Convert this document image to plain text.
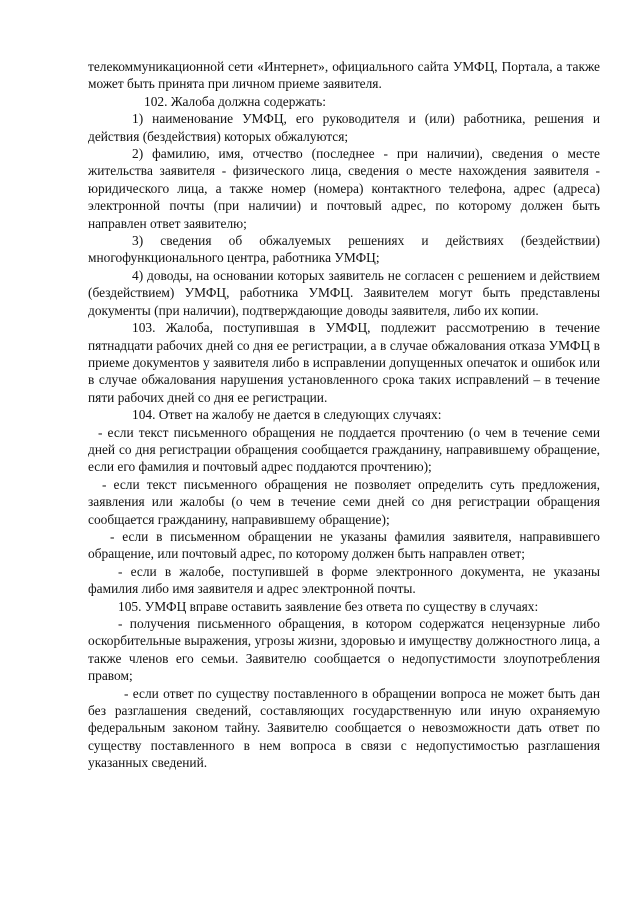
телекоммуникационной сети «Интернет», официального сайта УМФЦ, Портала, а также может быть принята при личном приеме заявителя.

102. Жалоба должна содержать:

1) наименование УМФЦ, его руководителя и (или) работника, решения и действия (бездействия) которых обжалуются;

2) фамилию, имя, отчество (последнее - при наличии), сведения о месте жительства заявителя - физического лица, сведения о месте нахождения заявителя - юридического лица, а также номер (номера) контактного телефона, адрес (адреса) электронной почты (при наличии) и почтовый адрес, по которому должен быть направлен ответ заявителю;

3) сведения об обжалуемых решениях и действиях (бездействии) многофункционального центра, работника УМФЦ;

4) доводы, на основании которых заявитель не согласен с решением и действием (бездействием) УМФЦ, работника УМФЦ. Заявителем могут быть представлены документы (при наличии), подтверждающие доводы заявителя, либо их копии.

103. Жалоба, поступившая в УМФЦ, подлежит рассмотрению в течение пятнадцати рабочих дней со дня ее регистрации, а в случае обжалования отказа УМФЦ в приеме документов у заявителя либо в исправлении допущенных опечаток и ошибок или в случае обжалования нарушения установленного срока таких исправлений – в течение пяти рабочих дней со дня ее регистрации.

104. Ответ на жалобу не дается в следующих случаях:

- если текст письменного обращения не поддается прочтению (о чем в течение семи дней со дня регистрации обращения сообщается гражданину, направившему обращение, если его фамилия и почтовый адрес поддаются прочтению);

- если текст письменного обращения не позволяет определить суть предложения, заявления или жалобы (о чем в течение семи дней со дня регистрации обращения сообщается гражданину, направившему обращение);

- если в письменном обращении не указаны фамилия заявителя, направившего обращение, или почтовый адрес, по которому должен быть направлен ответ;

- если в жалобе, поступившей в форме электронного документа, не указаны фамилия либо имя заявителя и адрес электронной почты.

105. УМФЦ вправе оставить заявление без ответа по существу в случаях:

- получения письменного обращения, в котором содержатся нецензурные либо оскорбительные выражения, угрозы жизни, здоровью и имуществу должностного лица, а также членов его семьи. Заявителю сообщается о недопустимости злоупотребления правом;

- если ответ по существу поставленного в обращении вопроса не может быть дан без разглашения сведений, составляющих государственную или иную охраняемую федеральным законом тайну. Заявителю сообщается о невозможности дать ответ по существу поставленного в нем вопроса в связи с недопустимостью разглашения указанных сведений.
